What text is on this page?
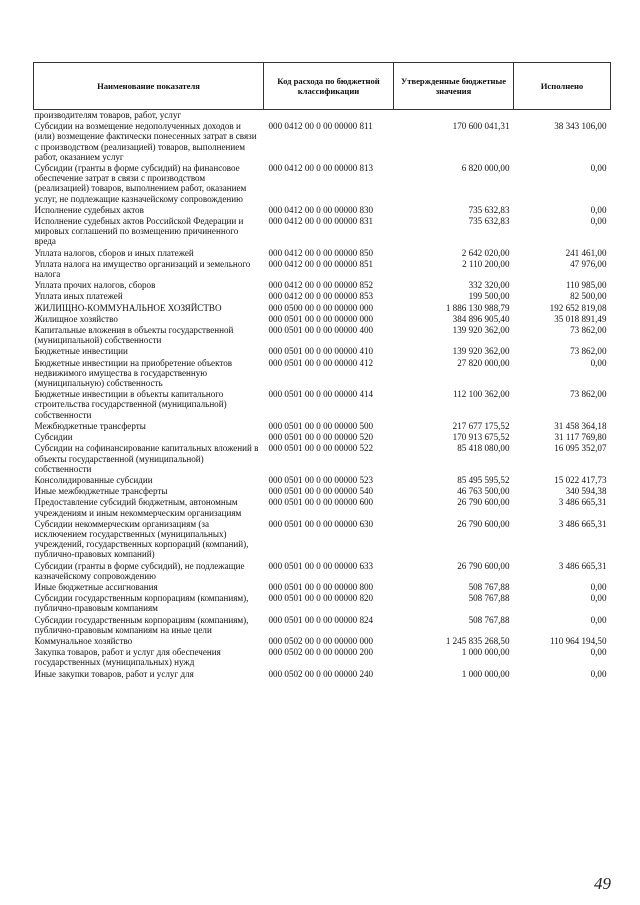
Наименование показателя	Код расхода по бюджетной классификации	Утвержденные бюджетные значения	Исполнено
производителям товаров, работ, услуг			
Субсидии на возмещение недополученных доходов и (или) возмещение фактически понесенных затрат в связи с производством (реализацией) товаров, выполнением работ, оказанием услуг	000 0412 00 0 00 00000 811	170 600 041,31	38 343 106,00
Субсидии (гранты в форме субсидий) на финансовое обеспечение затрат в связи с производством (реализацией) товаров, выполнением работ, оказанием услуг, не подлежащие казначейскому сопровождению	000 0412 00 0 00 00000 813	6 820 000,00	0,00
Исполнение судебных актов	000 0412 00 0 00 00000 830	735 632,83	0,00
Исполнение судебных актов Российской Федерации и мировых соглашений по возмещению причиненного вреда	000 0412 00 0 00 00000 831	735 632,83	0,00
Уплата налогов, сборов и иных платежей	000 0412 00 0 00 00000 850	2 642 020,00	241 461,00
Уплата налога на имущество организаций и земельного налога	000 0412 00 0 00 00000 851	2 110 200,00	47 976,00
Уплата прочих налогов, сборов	000 0412 00 0 00 00000 852	332 320,00	110 985,00
Уплата иных платежей	000 0412 00 0 00 00000 853	199 500,00	82 500,00
ЖИЛИЩНО-КОММУНАЛЬНОЕ ХОЗЯЙСТВО	000 0500 00 0 00 00000 000	1 886 130 988,79	192 652 819,08
Жилищное хозяйство	000 0501 00 0 00 00000 000	384 896 905,40	35 018 891,49
Капитальные вложения в объекты государственной (муниципальной) собственности	000 0501 00 0 00 00000 400	139 920 362,00	73 862,00
Бюджетные инвестиции	000 0501 00 0 00 00000 410	139 920 362,00	73 862,00
Бюджетные инвестиции на приобретение объектов недвижимого имущества в государственную (муниципальную) собственность	000 0501 00 0 00 00000 412	27 820 000,00	0,00
Бюджетные инвестиции в объекты капитального строительства государственной (муниципальной) собственности	000 0501 00 0 00 00000 414	112 100 362,00	73 862,00
Межбюджетные трансферты	000 0501 00 0 00 00000 500	217 677 175,52	31 458 364,18
Субсидии	000 0501 00 0 00 00000 520	170 913 675,52	31 117 769,80
Субсидии на софинансирование капитальных вложений в объекты государственной (муниципальной) собственности	000 0501 00 0 00 00000 522	85 418 080,00	16 095 352,07
Консолидированные субсидии	000 0501 00 0 00 00000 523	85 495 595,52	15 022 417,73
Иные межбюджетные трансферты	000 0501 00 0 00 00000 540	46 763 500,00	340 594,38
Предоставление субсидий бюджетным, автономным учреждениям и иным некоммерческим организациям	000 0501 00 0 00 00000 600	26 790 600,00	3 486 665,31
Субсидии некоммерческим организациям (за исключением государственных (муниципальных) учреждений, государственных корпораций (компаний), публично-правовых компаний)	000 0501 00 0 00 00000 630	26 790 600,00	3 486 665,31
Субсидии (гранты в форме субсидий), не подлежащие казначейскому сопровождению	000 0501 00 0 00 00000 633	26 790 600,00	3 486 665,31
Иные бюджетные ассигнования	000 0501 00 0 00 00000 800	508 767,88	0,00
Субсидии государственным корпорациям (компаниям), публично-правовым компаниям	000 0501 00 0 00 00000 820	508 767,88	0,00
Субсидии государственным корпорациям (компаниям), публично-правовым компаниям на иные цели	000 0501 00 0 00 00000 824	508 767,88	0,00
Коммунальное хозяйство	000 0502 00 0 00 00000 000	1 245 835 268,50	110 964 194,50
Закупка товаров, работ и услуг для обеспечения государственных (муниципальных) нужд	000 0502 00 0 00 00000 200	1 000 000,00	0,00
Иные закупки товаров, работ и услуг для	000 0502 00 0 00 00000 240	1 000 000,00	0,00
49
